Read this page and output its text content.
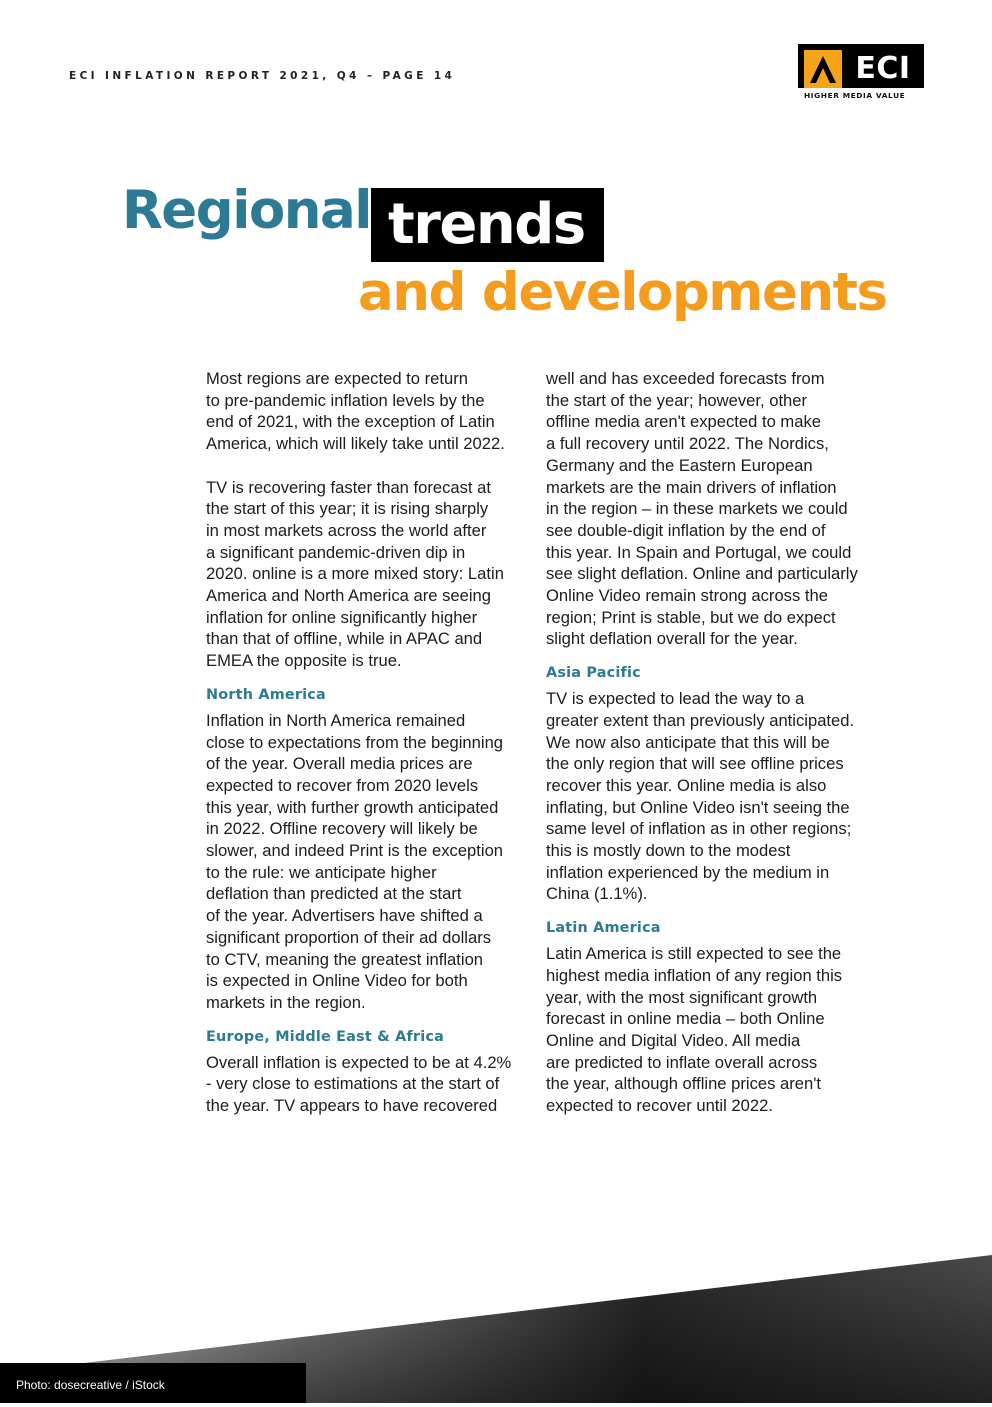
ECI INFLATION REPORT 2021, Q4 – PAGE 14	ECI
HIGHER MEDIA VALUE
Regional trends
and developments

Most regions are expected to return

to pre-pandemic inflation levels by the

end of 2021, with the exception of Latin

America, which will likely take until 2022.

TV is recovering faster than forecast at

the start of this year; it is rising sharply

in most markets across the world after

a significant pandemic-driven dip in

2020. online is a more mixed story: Latin

America and North America are seeing

inflation for online significantly higher

than that of offline, while in APAC and

EMEA the opposite is true.

North America

Inflation in North America remained

close to expectations from the beginning

of the year. Overall media prices are

expected to recover from 2020 levels

this year, with further growth anticipated

in 2022. Offline recovery will likely be

slower, and indeed Print is the exception

to the rule: we anticipate higher

deflation than predicted at the start

of the year. Advertisers have shifted a

significant proportion of their ad dollars

to CTV, meaning the greatest inflation

is expected in Online Video for both

markets in the region.

Europe, Middle East & Africa

Overall inflation is expected to be at 4.2%

- very close to estimations at the start of

the year. TV appears to have recovered

well and has exceeded forecasts from

the start of the year; however, other

offline media aren't expected to make

a full recovery until 2022. The Nordics,

Germany and the Eastern European

markets are the main drivers of inflation

in the region – in these markets we could

see double-digit inflation by the end of

this year. In Spain and Portugal, we could

see slight deflation. Online and particularly

Online Video remain strong across the

region; Print is stable, but we do expect

slight deflation overall for the year.

Asia Pacific

TV is expected to lead the way to a

greater extent than previously anticipated.

We now also anticipate that this will be

the only region that will see offline prices

recover this year. Online media is also

inflating, but Online Video isn't seeing the

same level of inflation as in other regions;

this is mostly down to the modest

inflation experienced by the medium in

China (1.1%).

Latin America

Latin America is still expected to see the

highest media inflation of any region this

year, with the most significant growth

forecast in online media – both Online

Online and Digital Video. All media

are predicted to inflate overall across

the year, although offline prices aren't

expected to recover until 2022.

Photo: dosecreative / iStock
